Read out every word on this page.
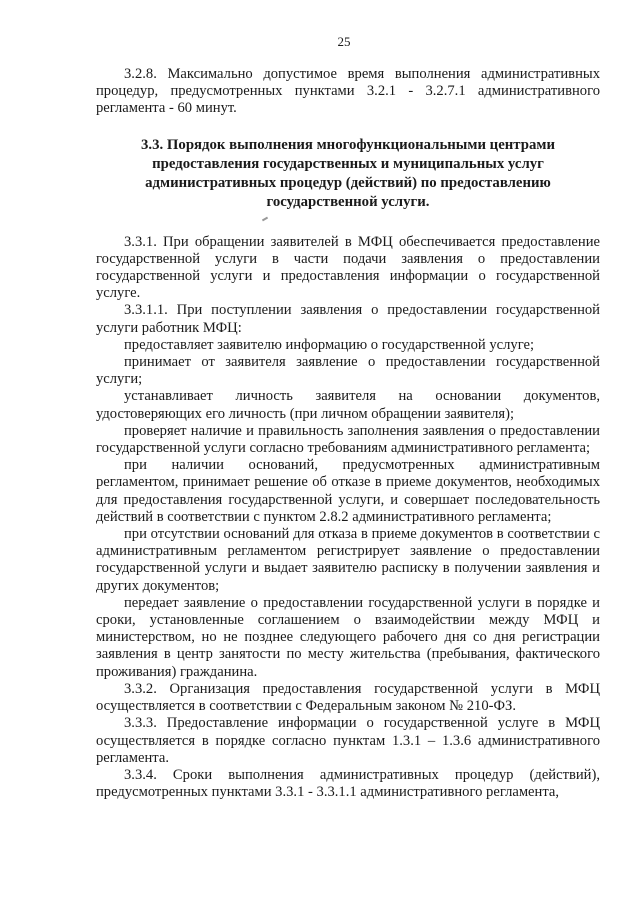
25

3.2.8. Максимально допустимое время выполнения административных процедур, предусмотренных пунктами 3.2.1 - 3.2.7.1 административного регламента - 60 минут.

3.3. Порядок выполнения многофункциональными центрами предоставления государственных и муниципальных услуг административных процедур (действий) по предоставлению государственной услуги.

3.3.1. При обращении заявителей в МФЦ обеспечивается предоставление государственной услуги в части подачи заявления о предоставлении государственной услуги и предоставления информации о государственной услуге.

3.3.1.1. При поступлении заявления о предоставлении государственной услуги работник МФЦ:

предоставляет заявителю информацию о государственной услуге;

принимает от заявителя заявление о предоставлении государственной услуги;

устанавливает личность заявителя на основании документов, удостоверяющих его личность (при личном обращении заявителя);

проверяет наличие и правильность заполнения заявления о предоставлении государственной услуги согласно требованиям административного регламента;

при наличии оснований, предусмотренных административным регламентом, принимает решение об отказе в приеме документов, необходимых для предоставления государственной услуги, и совершает последовательность действий в соответствии с пунктом 2.8.2 административного регламента;

при отсутствии оснований для отказа в приеме документов в соответствии с административным регламентом регистрирует заявление о предоставлении государственной услуги и выдает заявителю расписку в получении заявления и других документов;

передает заявление о предоставлении государственной услуги в порядке и сроки, установленные соглашением о взаимодействии между МФЦ и министерством, но не позднее следующего рабочего дня со дня регистрации заявления в центр занятости по месту жительства (пребывания, фактического проживания) гражданина.

3.3.2. Организация предоставления государственной услуги в МФЦ осуществляется в соответствии с Федеральным законом № 210-ФЗ.

3.3.3. Предоставление информации о государственной услуге в МФЦ осуществляется в порядке согласно пунктам 1.3.1 – 1.3.6 административного регламента.

3.3.4. Сроки выполнения административных процедур (действий), предусмотренных пунктами 3.3.1 - 3.3.1.1 административного регламента,
